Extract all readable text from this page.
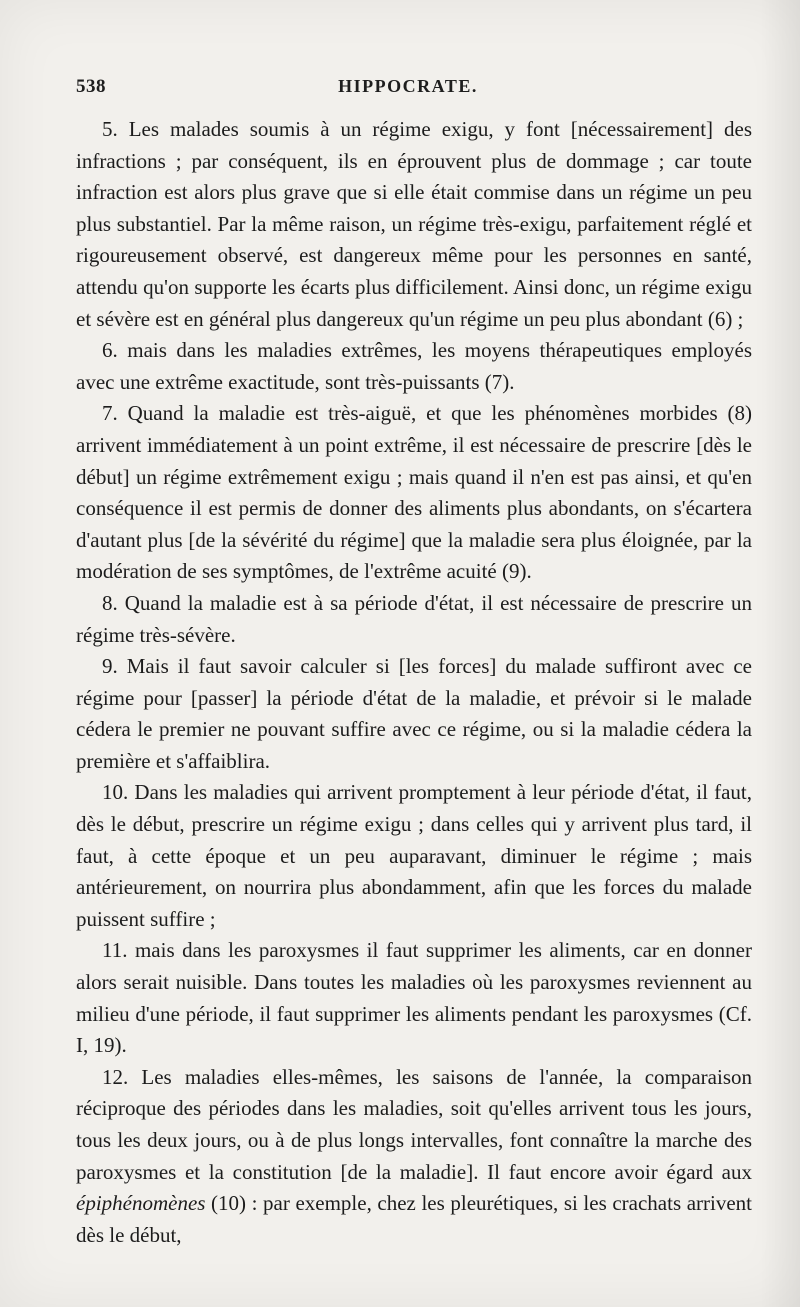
538	HIPPOCRATE.

5. Les malades soumis à un régime exigu, y font [nécessairement] des infractions ; par conséquent, ils en éprouvent plus de dommage ; car toute infraction est alors plus grave que si elle était commise dans un régime un peu plus substantiel. Par la même raison, un régime très-exigu, parfaitement réglé et rigoureusement observé, est dangereux même pour les personnes en santé, attendu qu'on supporte les écarts plus difficilement. Ainsi donc, un régime exigu et sévère est en général plus dangereux qu'un régime un peu plus abondant (6) ;

6. mais dans les maladies extrêmes, les moyens thérapeutiques employés avec une extrême exactitude, sont très-puissants (7).

7. Quand la maladie est très-aiguë, et que les phénomènes morbides (8) arrivent immédiatement à un point extrême, il est nécessaire de prescrire [dès le début] un régime extrêmement exigu ; mais quand il n'en est pas ainsi, et qu'en conséquence il est permis de donner des aliments plus abondants, on s'écartera d'autant plus [de la sévérité du régime] que la maladie sera plus éloignée, par la modération de ses symptômes, de l'extrême acuité (9).

8. Quand la maladie est à sa période d'état, il est nécessaire de prescrire un régime très-sévère.

9. Mais il faut savoir calculer si [les forces] du malade suffiront avec ce régime pour [passer] la période d'état de la maladie, et prévoir si le malade cédera le premier ne pouvant suffire avec ce régime, ou si la maladie cédera la première et s'affaiblira.

10. Dans les maladies qui arrivent promptement à leur période d'état, il faut, dès le début, prescrire un régime exigu ; dans celles qui y arrivent plus tard, il faut, à cette époque et un peu auparavant, diminuer le régime ; mais antérieurement, on nourrira plus abondamment, afin que les forces du malade puissent suffire ;

11. mais dans les paroxysmes il faut supprimer les aliments, car en donner alors serait nuisible. Dans toutes les maladies où les paroxysmes reviennent au milieu d'une période, il faut supprimer les aliments pendant les paroxysmes (Cf. I, 19).

12. Les maladies elles-mêmes, les saisons de l'année, la comparaison réciproque des périodes dans les maladies, soit qu'elles arrivent tous les jours, tous les deux jours, ou à de plus longs intervalles, font connaître la marche des paroxysmes et la constitution [de la maladie]. Il faut encore avoir égard aux épiphénomènes (10) : par exemple, chez les pleurétiques, si les crachats arrivent dès le début,
